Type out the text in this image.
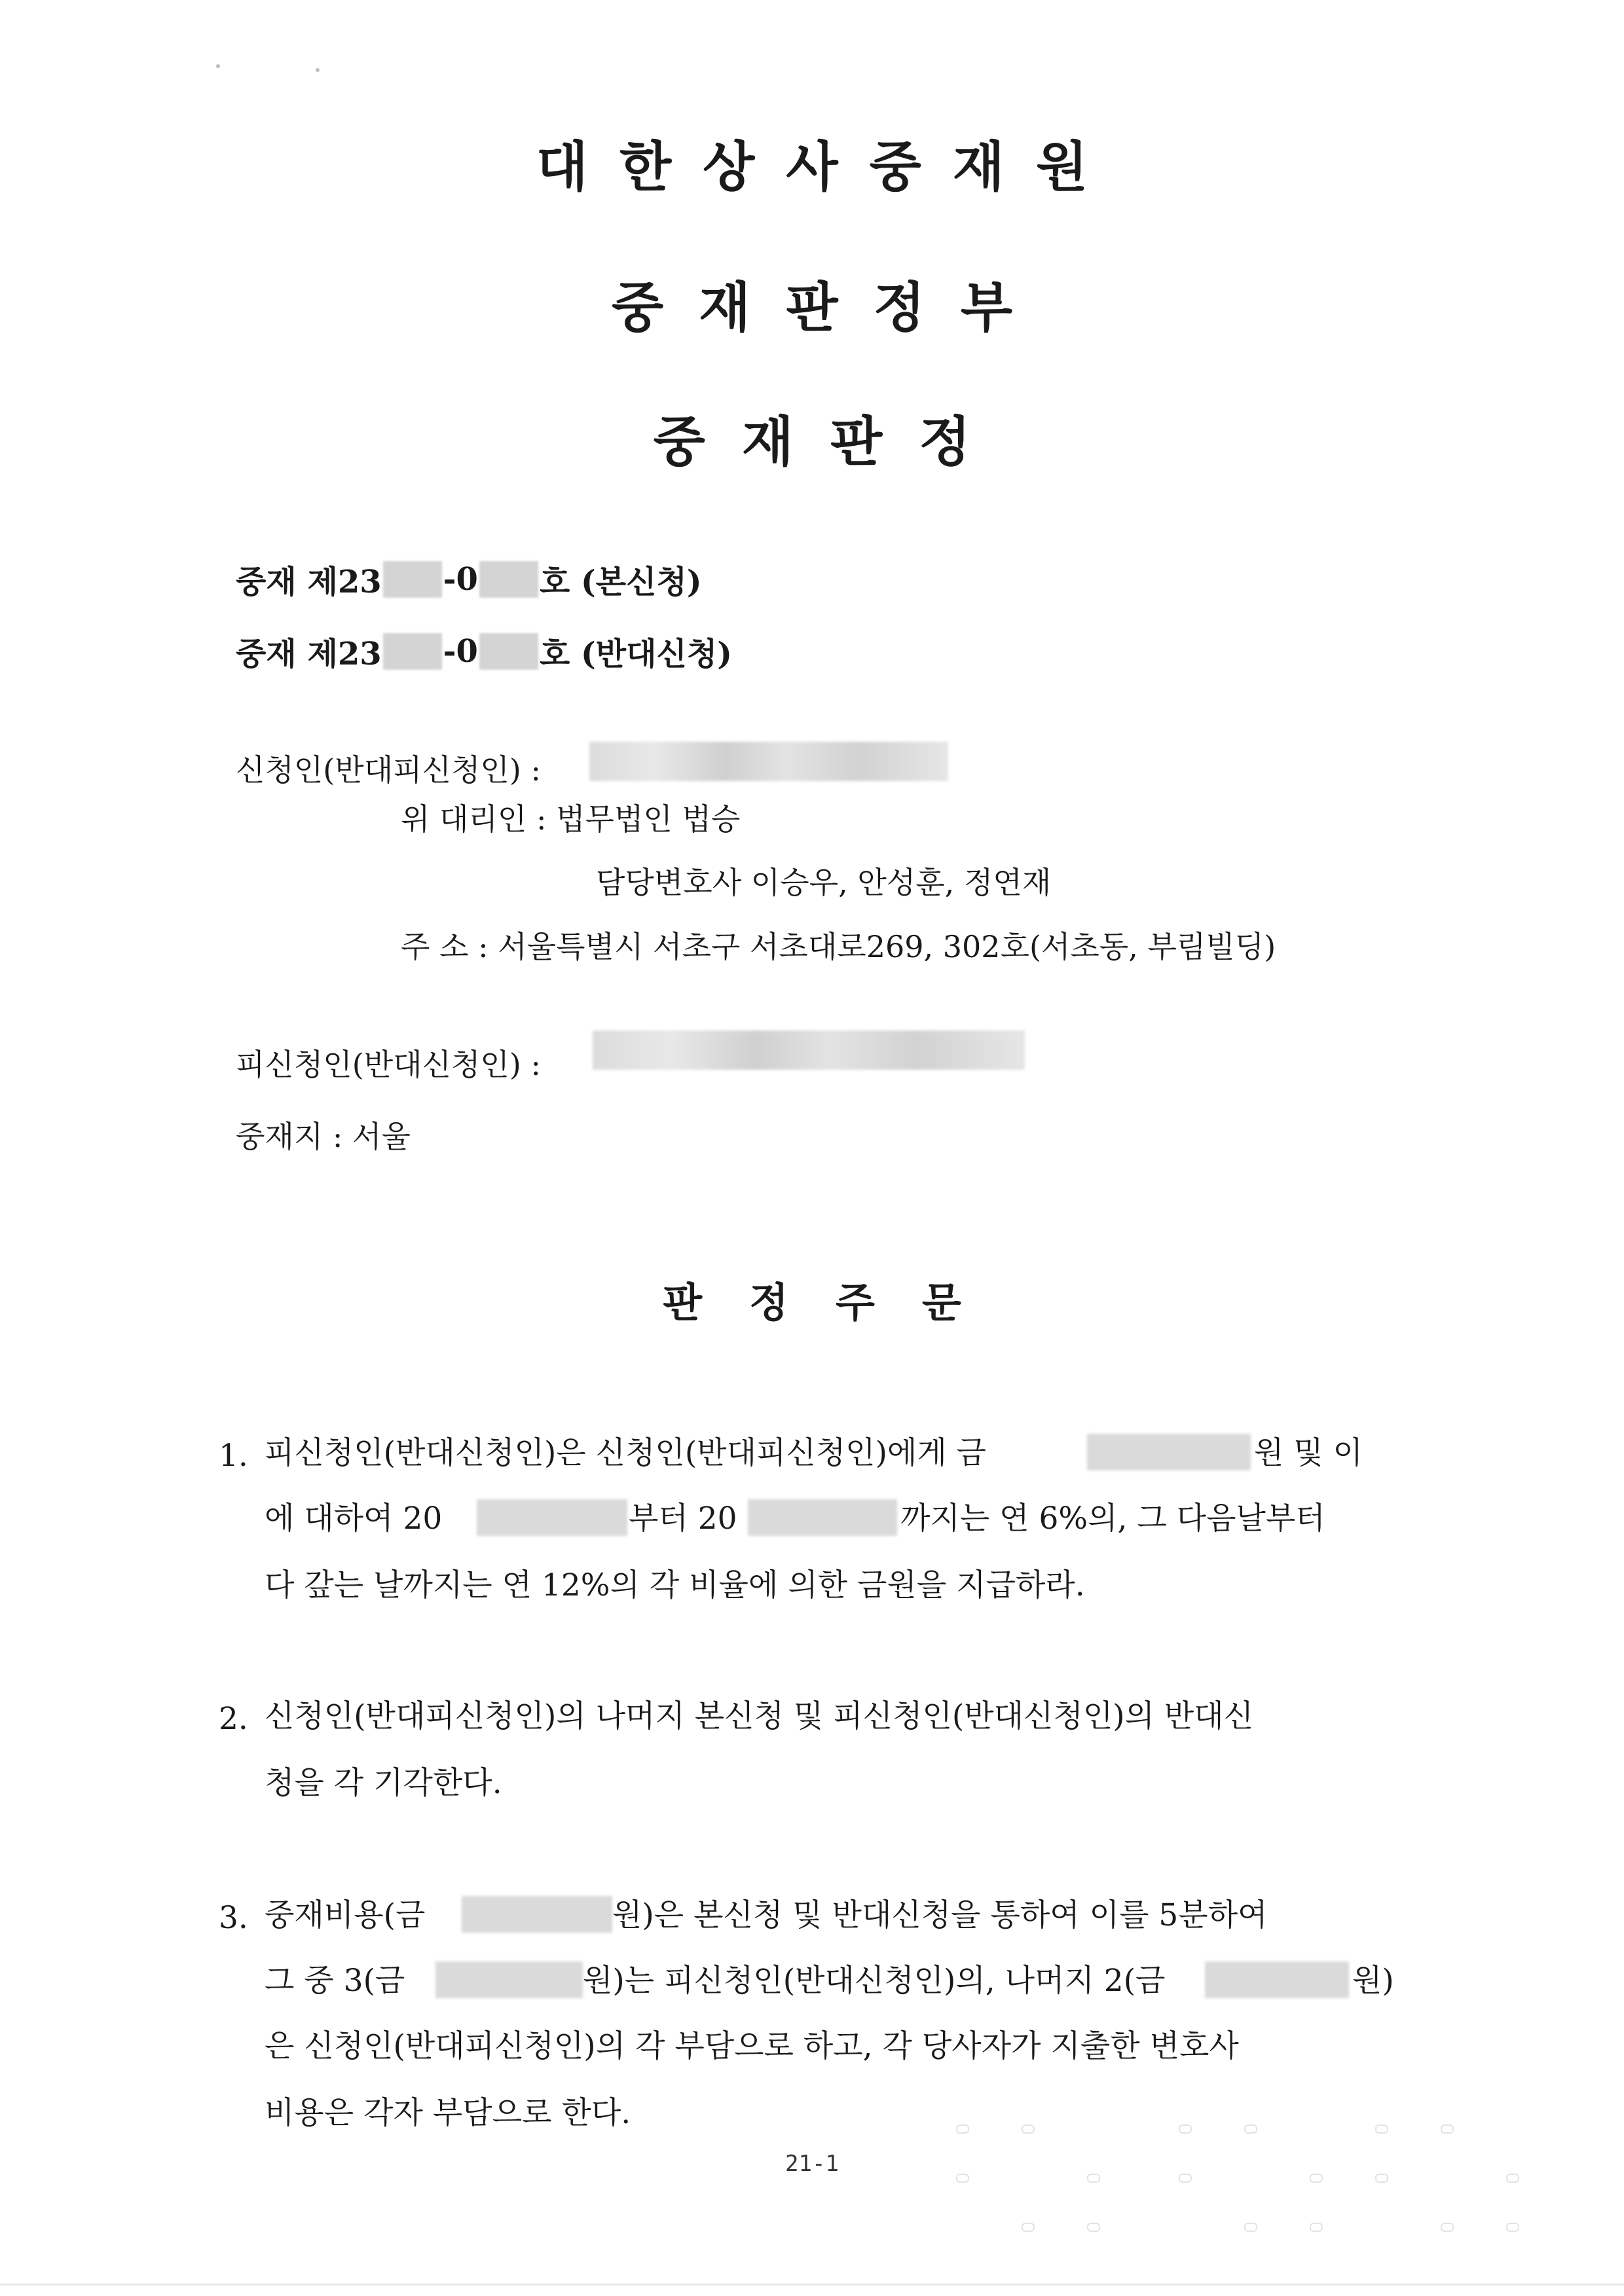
대한상사중재원
중재판정부
중재판정
중재 제23 -0 호 (본신청)
중재 제23 -0 호 (반대신청)
신청인(반대피신청인) :
위 대리인 : 법무법인 법승
담당변호사 이승우, 안성훈, 정연재
주 소 : 서울특별시 서초구 서초대로269, 302호(서초동, 부림빌딩)
피신청인(반대신청인) :
중재지 : 서울
판정주문
1. 피신청인(반대신청인)은 신청인(반대피신청인)에게 금	원 및 이
에 대하여 20	부터 20	까지는 연 6%의, 그 다음날부터
다 갚는 날까지는 연 12%의 각 비율에 의한 금원을 지급하라.
2. 신청인(반대피신청인)의 나머지 본신청 및 피신청인(반대신청인)의 반대신
청을 각 기각한다.
3. 중재비용(금	원)은 본신청 및 반대신청을 통하여 이를 5분하여
그 중 3(금	원)는 피신청인(반대신청인)의, 나머지 2(금	원)
은 신청인(반대피신청인)의 각 부담으로 하고, 각 당사자가 지출한 변호사
비용은 각자 부담으로 한다.
21-1
